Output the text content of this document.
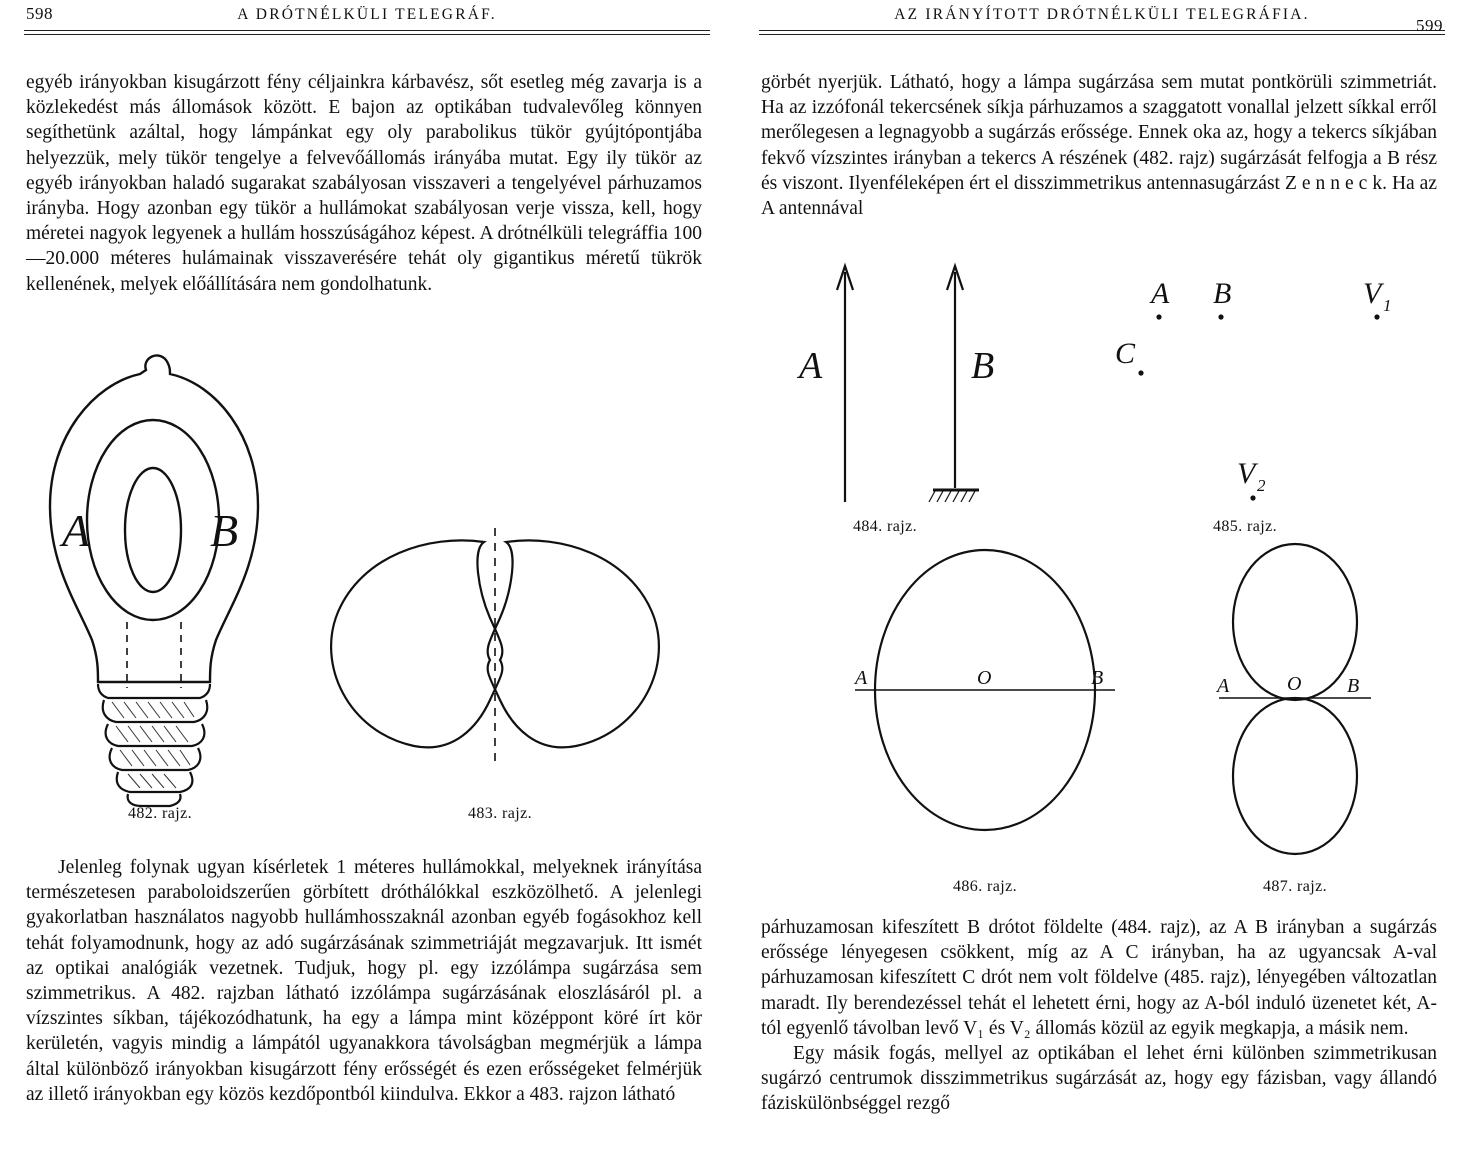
598	A DRÓTNÉLKÜLI TELEGRÁF.

egyéb irányokban kisugárzott fény céljainkra kárbavész, sőt esetleg még zavarja is a közlekedést más állomások között. E bajon az optikában tudvalevőleg könnyen segíthetünk azáltal, hogy lámpánkat egy oly parabolikus tükör gyújtópontjába helyezzük, mely tükör tengelye a felvevőállomás irányába mutat. Egy ily tükör az egyéb irányokban haladó sugarakat szabályosan visszaveri a tengelyével párhuzamos irányba. Hogy azonban egy tükör a hullámokat szabályosan verje vissza, kell, hogy méretei nagyok legyenek a hullám hosszúságához képest. A drótnélküli telegráffia 100—20.000 méteres hulámainak visszaverésére tehát oly gigantikus méretű tükrök kellenének, melyek előállítására nem gondolhatunk.

A	B
482. rajz.	483. rajz.

Jelenleg folynak ugyan kísérletek 1 méteres hullámokkal, melyeknek irányítása természetesen paraboloidszerűen görbített dróthálókkal eszközölhető. A jelenlegi gyakorlatban használatos nagyobb hullámhosszaknál azonban egyéb fogásokhoz kell tehát folyamodnunk, hogy az adó sugárzásának szimmetriáját megzavarjuk. Itt ismét az optikai analógiák vezetnek. Tudjuk, hogy pl. egy izzólámpa sugárzása sem szimmetrikus. A 482. rajzban látható izzólámpa sugárzásának eloszlásáról pl. a vízszintes síkban, tájékozódhatunk, ha egy a lámpa mint középpont köré írt kör kerületén, vagyis mindig a lámpától ugyanakkora távolságban megmérjük a lámpa által különböző irányokban kisugárzott fény erősségét és ezen erősségeket felmérjük az illető irányokban egy közös kezdőpontból kiindulva. Ekkor a 483. rajzon látható

AZ IRÁNYÍTOTT DRÓTNÉLKÜLI TELEGRÁFIA.
599

görbét nyerjük. Látható, hogy a lámpa sugárzása sem mutat pontkörüli szimmetriát. Ha az izzófonál tekercsének síkja párhuzamos a szaggatott vonallal jelzett síkkal erről merőlegesen a legnagyobb a sugárzás erőssége. Ennek oka az, hogy a tekercs síkjában fekvő vízszintes irányban a tekercs A részének (482. rajz) sugárzását felfogja a B rész és viszont. Ilyenféleképen ért el disszimmetrikus antennasugárzást Z e n n e c k. Ha az A antennával

A	B
484. rajz.
A B	V 1
C
V 2
485. rajz.
A	O	B
486. rajz.
A	O B
487. rajz.

párhuzamosan kifeszített B drótot földelte (484. rajz), az A B irányban a sugárzás erőssége lényegesen csökkent, míg az A C irányban, ha az ugyancsak A-val párhuzamosan kifeszített C drót nem volt földelve (485. rajz), lényegében változatlan maradt. Ily berendezéssel tehát el lehetett érni, hogy az A-ból induló üzenetet két, A-tól egyenlő távolban levő V₁ és V₂ állomás közül az egyik megkapja, a másik nem.

Egy másik fogás, mellyel az optikában el lehet érni különben szimmetrikusan sugárzó centrumok disszimmetrikus sugárzását az, hogy egy fázisban, vagy állandó fáziskülönbséggel rezgő
